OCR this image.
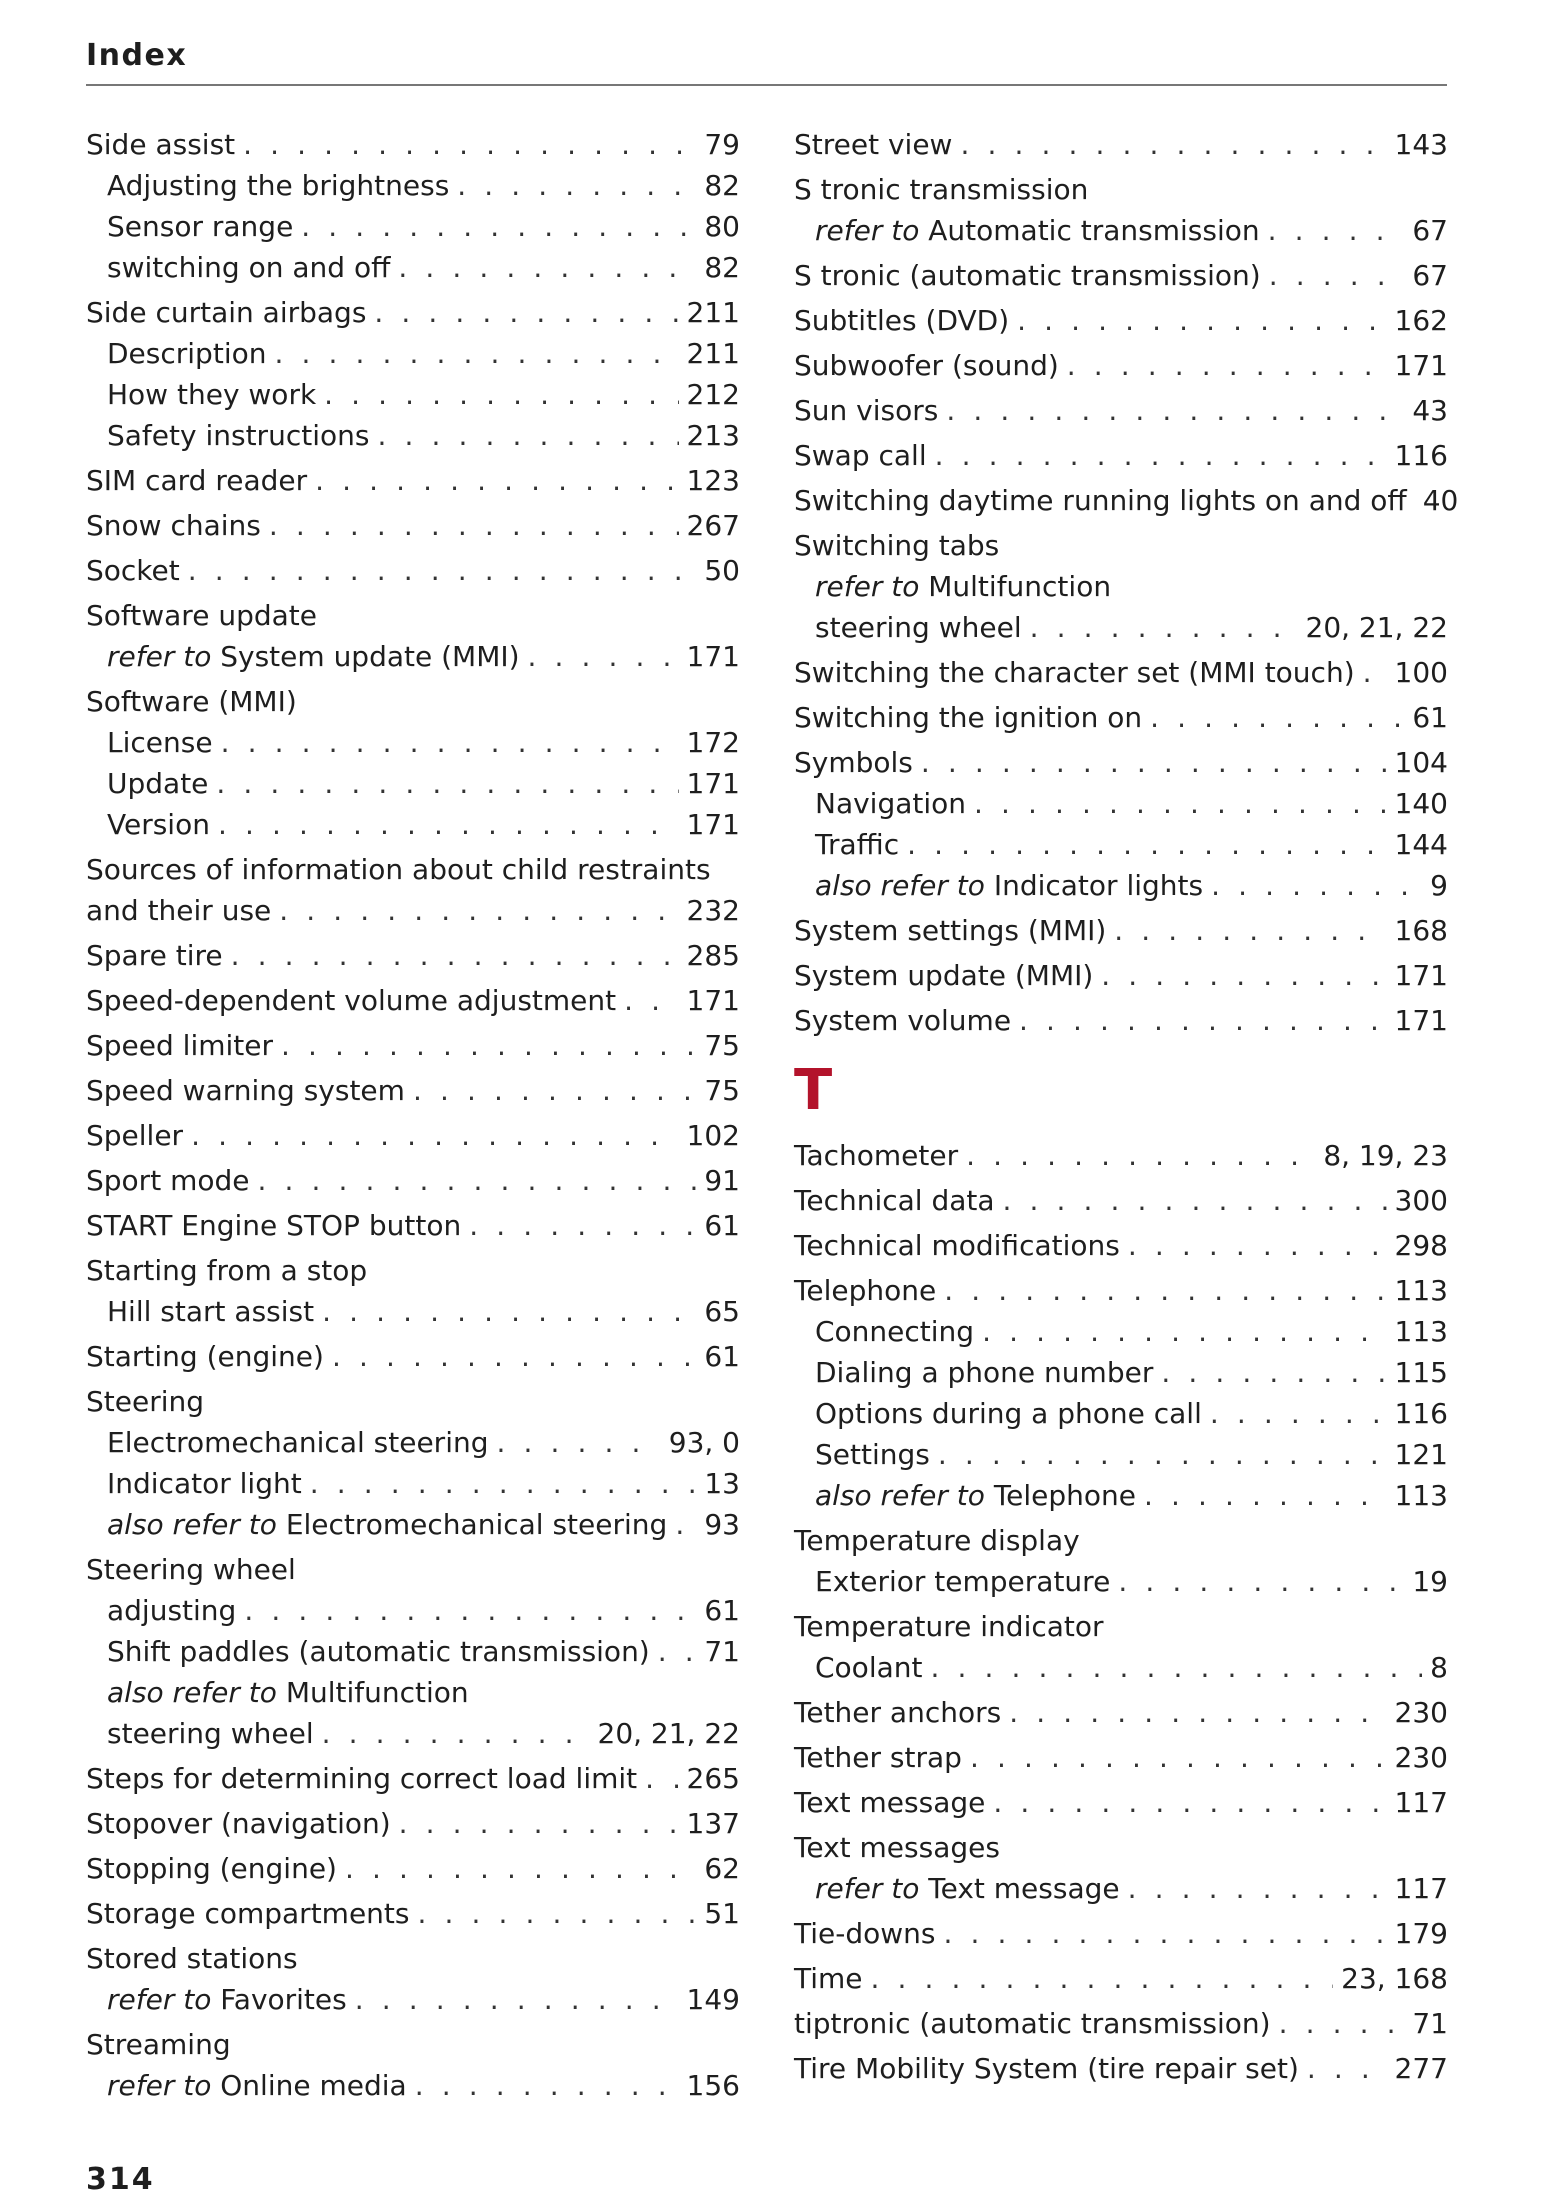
Index
Side assist . . .	79
Adjusting the brightness . . .	82
Sensor range . . .	80
switching on and off . . .	82
Side curtain airbags . . .	211
Description . . .	211
How they work . . .	212
Safety instructions . . .	213
SIM card reader . . .	123
Snow chains . . .	267
Socket . . .	50
Software update
refer to System update (MMI) . . .	171
Software (MMI)
License . . .	172
Update . . .	171
Version . . .	171
Sources of information about child restraints
and their use . . .	232
Spare tire . . .	285
Speed-dependent volume adjustment . . .	171
Speed limiter . . .	75
Speed warning system . . .	75
Speller . . .	102
Sport mode . . .	91
START Engine STOP button . . .	61
Starting from a stop
Hill start assist . . .	65
Starting (engine) . . .	61
Steering
Electromechanical steering . . .	93, 0
Indicator light . . .	13
also refer to Electromechanical steering . . . 93
Steering wheel
adjusting . . .	61
Shift paddles (automatic transmission) . . . 71
also refer to Multifunction
steering wheel . . .	20, 21, 22
Steps for determining correct load limit . . . 265
Stopover (navigation) . . .	137
Stopping (engine) . . .	62
Storage compartments . . .	51
Stored stations
refer to Favorites . . .	149
Streaming
refer to Online media . . .	156
Street view . . .	143
S tronic transmission
refer to Automatic transmission . . .	67
S tronic (automatic transmission) . . .	67
Subtitles (DVD) . . .	162
Subwoofer (sound) . . .	171
Sun visors . . .	43
Swap call . . .	116
Switching daytime running lights on and off 40
Switching tabs
refer to Multifunction
steering wheel . . .	20, 21, 22
Switching the character set (MMI touch) . . . 100
Switching the ignition on . . .	61
Symbols . . .	104
Navigation . . .	140
Traffic . . .	144
also refer to Indicator lights . . .	9
System settings (MMI) . . .	168
System update (MMI) . . .	171
System volume . . .	171
T
Tachometer . . .	8, 19, 23
Technical data . . .	300
Technical modifications . . .	298
Telephone . . .	113
Connecting . . .	113
Dialing a phone number . . .	115
Options during a phone call . . .	116
Settings . . .	121
also refer to Telephone . . .	113
Temperature display
Exterior temperature . . .	19
Temperature indicator
Coolant . . .	8
Tether anchors . . .	230
Tether strap . . .	230
Text message . . .	117
Text messages
refer to Text message . . .	117
Tie-downs . . .	179
Time . . .	23, 168
tiptronic (automatic transmission) . . .	71
Tire Mobility System (tire repair set) . . .	277
314
